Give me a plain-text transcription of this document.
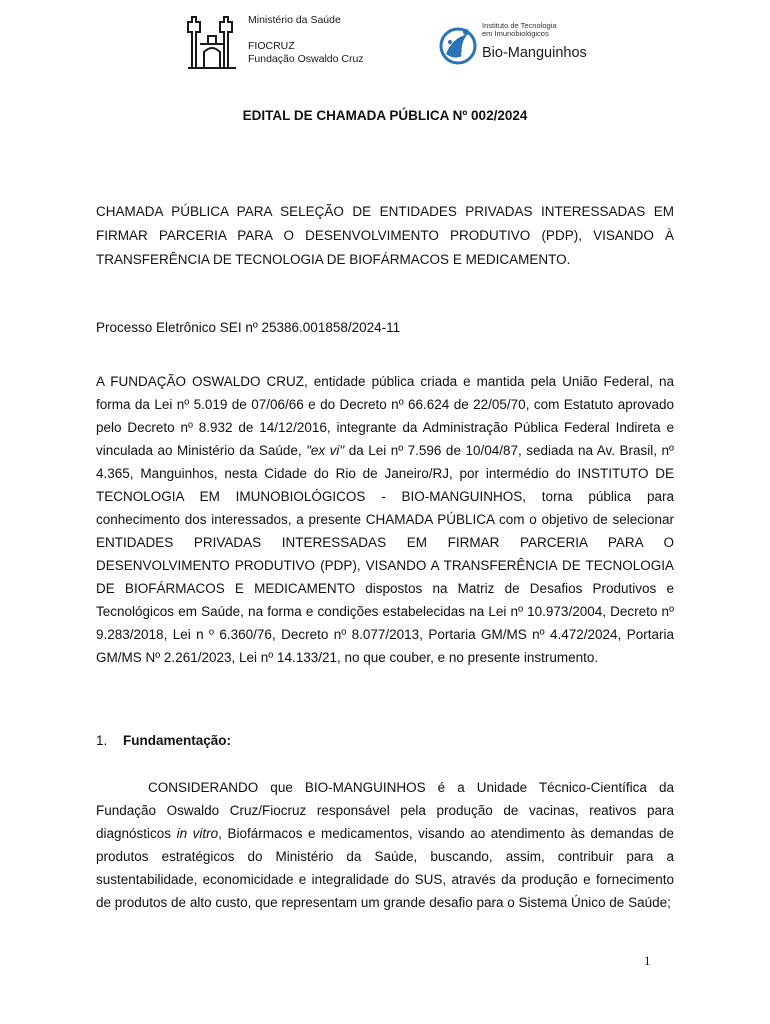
Ministério da Saúde
FIOCRUZ
Fundação Oswaldo Cruz
Instituto de Tecnologia
em Imunobiológicos
Bio-Manguinhos
EDITAL DE CHAMADA PÚBLICA Nº 002/2024
CHAMADA PÚBLICA PARA SELEÇÃO DE ENTIDADES PRIVADAS INTERESSADAS EM FIRMAR PARCERIA PARA O DESENVOLVIMENTO PRODUTIVO (PDP), VISANDO À TRANSFERÊNCIA DE TECNOLOGIA DE BIOFÁRMACOS E MEDICAMENTO.
Processo Eletrônico SEI nº 25386.001858/2024-11
A FUNDAÇÃO OSWALDO CRUZ, entidade pública criada e mantida pela União Federal, na forma da Lei nº 5.019 de 07/06/66 e do Decreto nº 66.624 de 22/05/70, com Estatuto aprovado pelo Decreto nº 8.932 de 14/12/2016, integrante da Administração Pública Federal Indireta e vinculada ao Ministério da Saúde, "ex vi" da Lei nº 7.596 de 10/04/87, sediada na Av. Brasil, nº 4.365, Manguinhos, nesta Cidade do Rio de Janeiro/RJ, por intermédio do INSTITUTO DE TECNOLOGIA EM IMUNOBIOLÓGICOS - BIO-MANGUINHOS, torna pública para conhecimento dos interessados, a presente CHAMADA PÚBLICA com o objetivo de selecionar ENTIDADES PRIVADAS INTERESSADAS EM FIRMAR PARCERIA PARA O DESENVOLVIMENTO PRODUTIVO (PDP), VISANDO A TRANSFERÊNCIA DE TECNOLOGIA DE BIOFÁRMACOS E MEDICAMENTO dispostos na Matriz de Desafios Produtivos e Tecnológicos em Saúde, na forma e condições estabelecidas na Lei nº 10.973/2004, Decreto nº 9.283/2018, Lei n º 6.360/76, Decreto nº 8.077/2013, Portaria GM/MS nº 4.472/2024, Portaria GM/MS Nº 2.261/2023, Lei nº 14.133/21, no que couber, e no presente instrumento.
1. Fundamentação:
CONSIDERANDO que BIO-MANGUINHOS é a Unidade Técnico-Científica da Fundação Oswaldo Cruz/Fiocruz responsável pela produção de vacinas, reativos para diagnósticos in vitro, Biofármacos e medicamentos, visando ao atendimento às demandas de produtos estratégicos do Ministério da Saúde, buscando, assim, contribuir para a sustentabilidade, economicidade e integralidade do SUS, através da produção e fornecimento de produtos de alto custo, que representam um grande desafio para o Sistema Único de Saúde;
1
